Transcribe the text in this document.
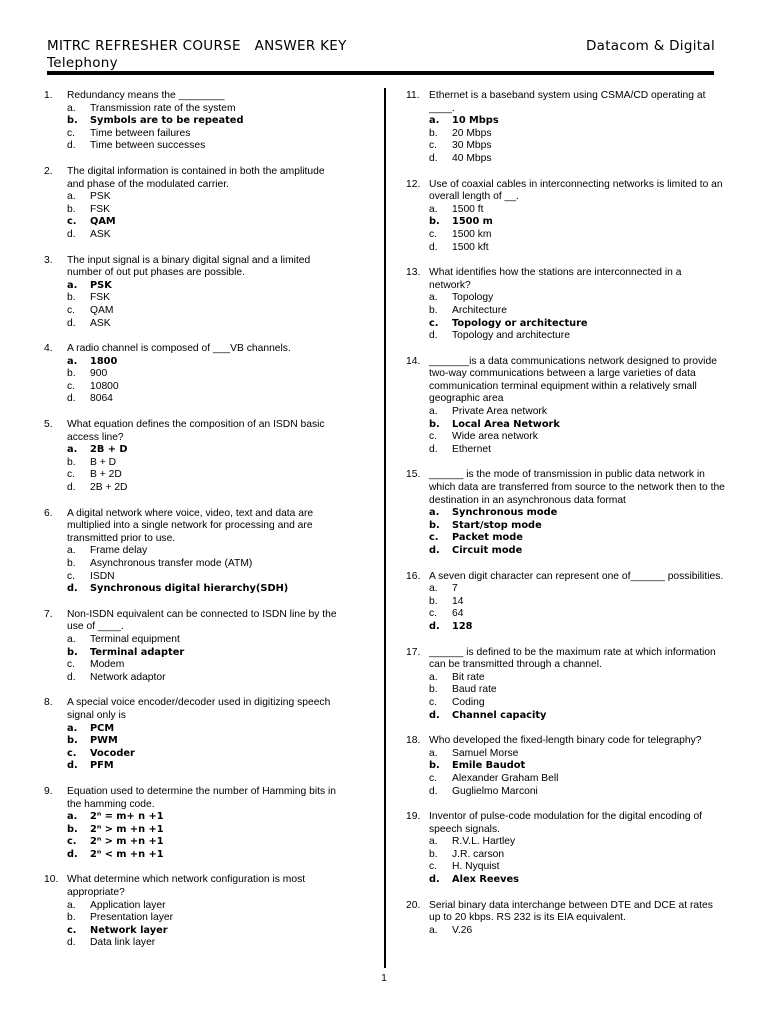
MITRC REFRESHER COURSE   ANSWER KEY	Datacom & Digital
Telephony
1.	Redundancy means the ________
a.	Transmission rate of the system
b.	Symbols are to be repeated
c.	Time between failures
d.	Time between successes
2.	The digital information is contained in both the amplitude and phase of the modulated carrier.
a.	PSK
b.	FSK
c.	QAM
d.	ASK
3.	The input signal is a binary digital signal and a limited number of out put phases are possible.
a.	PSK
b.	FSK
c.	QAM
d.	ASK
4.	A radio channel is composed of ___VB channels.
a.	1800
b.	900
c.	10800
d.	8064
5.	What equation defines the composition of an ISDN basic access line?
a.	2B + D
b.	B + D
c.	B + 2D
d.	2B + 2D
6.	A digital network where voice, video, text and data are multiplied into a single network for processing and are transmitted prior to use.
a.	Frame delay
b.	Asynchronous transfer mode (ATM)
c.	ISDN
d.	Synchronous digital hierarchy(SDH)
7.	Non-ISDN equivalent can be connected to ISDN line by the use of ____.
a.	Terminal equipment
b.	Terminal adapter
c.	Modem
d.	Network adaptor
8.	A special voice encoder/decoder used in digitizing speech signal only is
a.	PCM
b.	PWM
c.	Vocoder
d.	PFM
9.	Equation used to determine the number of Hamming bits in the hamming code.
a.	2ⁿ = m+ n +1
b.	2ⁿ > m +n +1
c.	2ⁿ > m +n +1
d.	2ⁿ < m +n +1
10. What determine which network configuration is most appropriate?
a.	Application layer
b.	Presentation layer
c.	Network layer
d.	Data link layer
11. Ethernet is a baseband system using CSMA/CD operating at ____.
a.	10 Mbps
b.	20 Mbps
c.	30 Mbps
d.	40 Mbps
12. Use of coaxial cables in interconnecting networks is limited to an overall length of __.
a.	1500 ft
b.	1500 m
c.	1500 km
d.	1500 kft
13. What identifies how the stations are interconnected in a network?
a.	Topology
b.	Architecture
c.	Topology or architecture
d.	Topology and architecture
14. _______is a data communications network designed to provide two-way communications between a large varieties of data communication terminal equipment within a relatively small geographic area
a.	Private Area network
b.	Local Area Network
c.	Wide area network
d.	Ethernet
15. ______ is the mode of transmission in public data network in which data are transferred from source to the network then to the destination in an asynchronous data format
a.	Synchronous mode
b.	Start/stop mode
c.	Packet mode
d.	Circuit mode
16. A seven digit character can represent one of______ possibilities.
a.	7
b.	14
c.	64
d.	128
17. ______ is defined to be the maximum rate at which information can be transmitted through a channel.
a.	Bit rate
b.	Baud rate
c.	Coding
d.	Channel capacity
18. Who developed the fixed-length binary code for telegraphy?
a.	Samuel Morse
b.	Emile Baudot
c.	Alexander Graham Bell
d.	Guglielmo Marconi
19. Inventor of pulse-code modulation for the digital encoding of speech signals.
a.	R.V.L. Hartley
b.	J.R. carson
c.	H. Nyquist
d.	Alex Reeves
20. Serial binary data interchange between DTE and DCE at rates up to 20 kbps. RS 232 is its EIA equivalent.
a.	V.26
1
